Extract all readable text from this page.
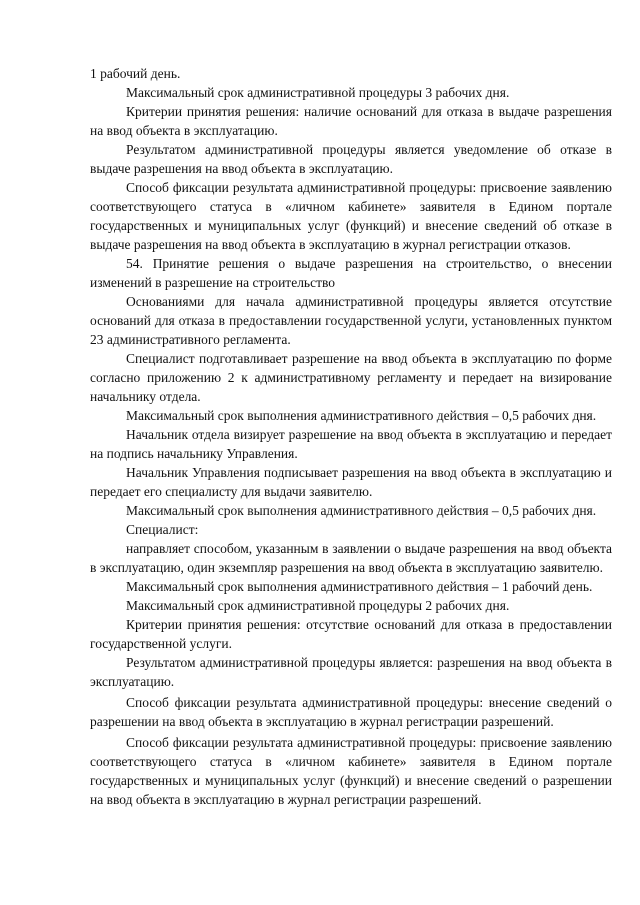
1 рабочий день.

Максимальный срок административной процедуры 3 рабочих дня.

Критерии принятия решения: наличие оснований для отказа в выдаче разрешения на ввод объекта в эксплуатацию.

Результатом административной процедуры является уведомление об отказе в выдаче разрешения на ввод объекта в эксплуатацию.

Способ фиксации результата административной процедуры: присвоение заявлению соответствующего статуса в «личном кабинете» заявителя в Едином портале государственных и муниципальных услуг (функций) и внесение сведений об отказе в выдаче разрешения на ввод объекта в эксплуатацию в журнал регистрации отказов.

54. Принятие решения о выдаче разрешения на строительство, о внесении изменений в разрешение на строительство

Основаниями для начала административной процедуры является отсутствие оснований для отказа в предоставлении государственной услуги, установленных пунктом 23 административного регламента.

Специалист подготавливает разрешение на ввод объекта в эксплуатацию по форме согласно приложению 2 к административному регламенту и передает на визирование начальнику отдела.

Максимальный срок выполнения административного действия – 0,5 рабочих дня.

Начальник отдела визирует разрешение на ввод объекта в эксплуатацию и передает на подпись начальнику Управления.

Начальник Управления подписывает разрешения на ввод объекта в эксплуатацию и передает его специалисту для выдачи заявителю.

Максимальный срок выполнения административного действия – 0,5 рабочих дня.

Специалист:

направляет способом, указанным в заявлении о выдаче разрешения на ввод объекта в эксплуатацию, один экземпляр разрешения на ввод объекта в эксплуатацию заявителю.

Максимальный срок выполнения административного действия – 1 рабочий день.

Максимальный срок административной процедуры 2 рабочих дня.

Критерии принятия решения: отсутствие оснований для отказа в предоставлении государственной услуги.

Результатом административной процедуры является: разрешения на ввод объекта в эксплуатацию.

Способ фиксации результата административной процедуры: внесение сведений о разрешении на ввод объекта в эксплуатацию в журнал регистрации разрешений.

Способ фиксации результата административной процедуры: присвоение заявлению соответствующего статуса в «личном кабинете» заявителя в Едином портале государственных и муниципальных услуг (функций) и внесение сведений о разрешении на ввод объекта в эксплуатацию в журнал регистрации разрешений.
